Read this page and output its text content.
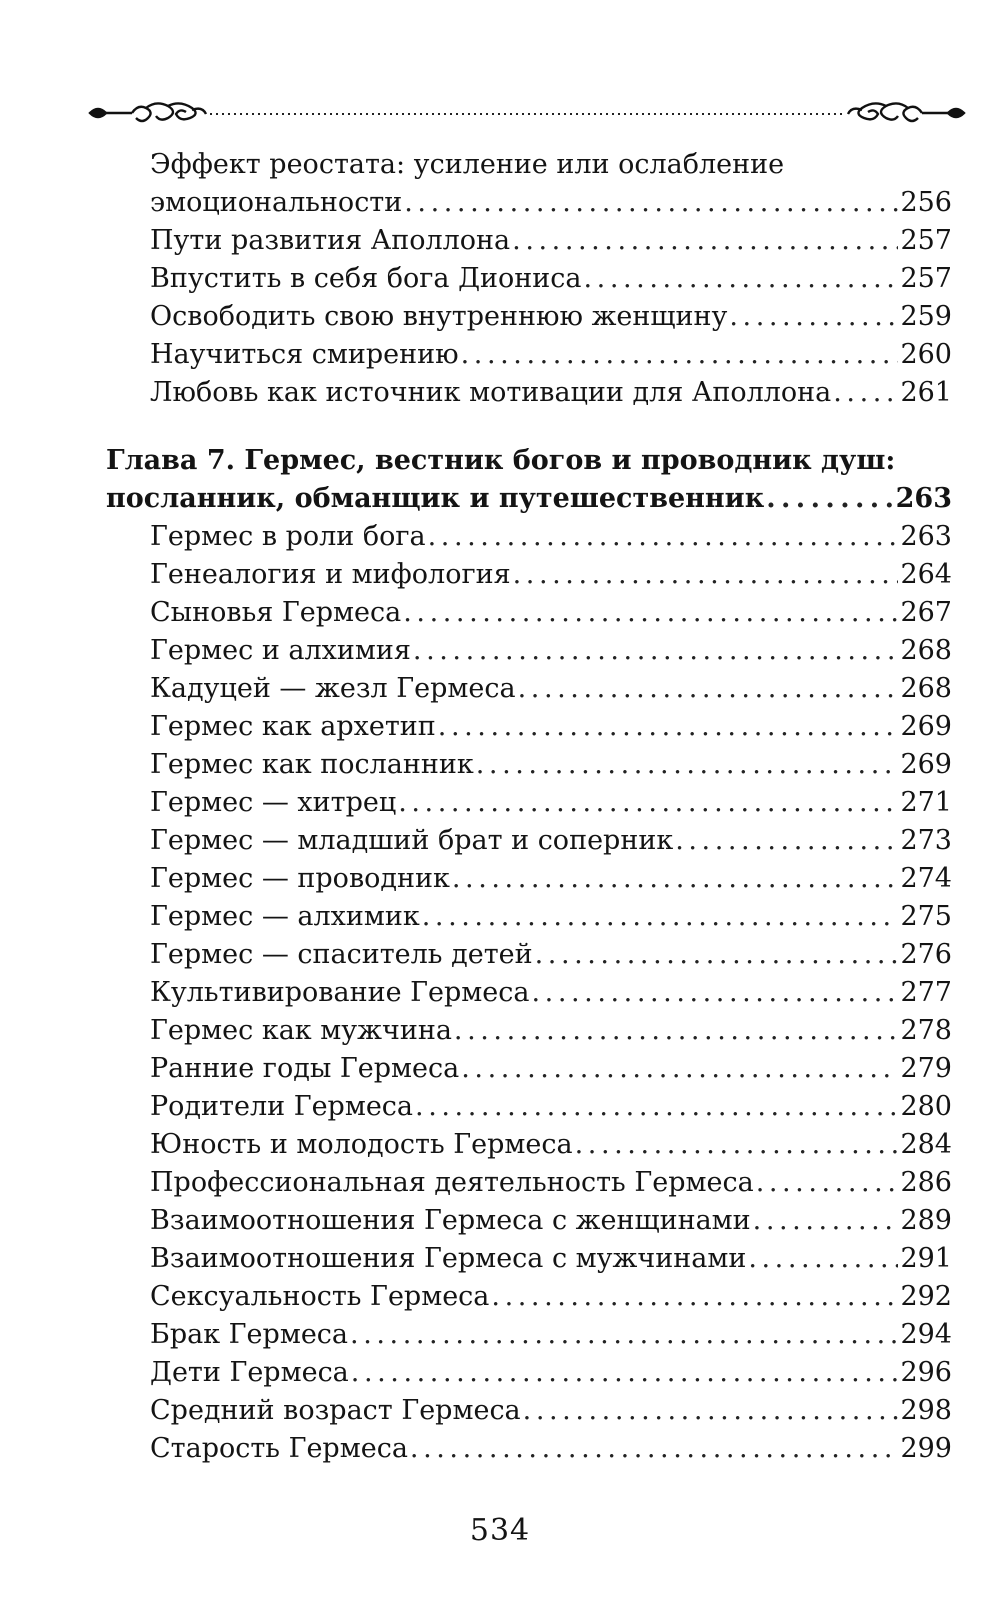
Эффект реостата: усиление или ослабление
эмоциональности . . .	256
Пути развития Аполлона . . .	257
Впустить в себя бога Диониса . . .	257
Освободить свою внутреннюю женщину . . .	259
Научиться смирению . . .	260
Любовь как источник мотивации для Аполлона . . .	261
Глава 7. Гермес, вестник богов и проводник душ:
посланник, обманщик и путешественник . . .	263
Гермес в роли бога . . .	263
Генеалогия и мифология . . .	264
Сыновья Гермеса . . .	267
Гермес и алхимия . . .	268
Кадуцей — жезл Гермеса . . .	268
Гермес как архетип . . .	269
Гермес как посланник . . .	269
Гермес — хитрец . . .	271
Гермес — младший брат и соперник . . .	273
Гермес — проводник . . .	274
Гермес — алхимик . . .	275
Гермес — спаситель детей . . .	276
Культивирование Гермеса . . .	277
Гермес как мужчина . . .	278
Ранние годы Гермеса . . .	279
Родители Гермеса . . .	280
Юность и молодость Гермеса . . .	284
Профессиональная деятельность Гермеса . . .	286
Взаимоотношения Гермеса с женщинами . . .	289
Взаимоотношения Гермеса с мужчинами . . .	291
Сексуальность Гермеса . . .	292
Брак Гермеса . . .	294
Дети Гермеса . . .	296
Средний возраст Гермеса . . .	298
Старость Гермеса . . .	299
534
